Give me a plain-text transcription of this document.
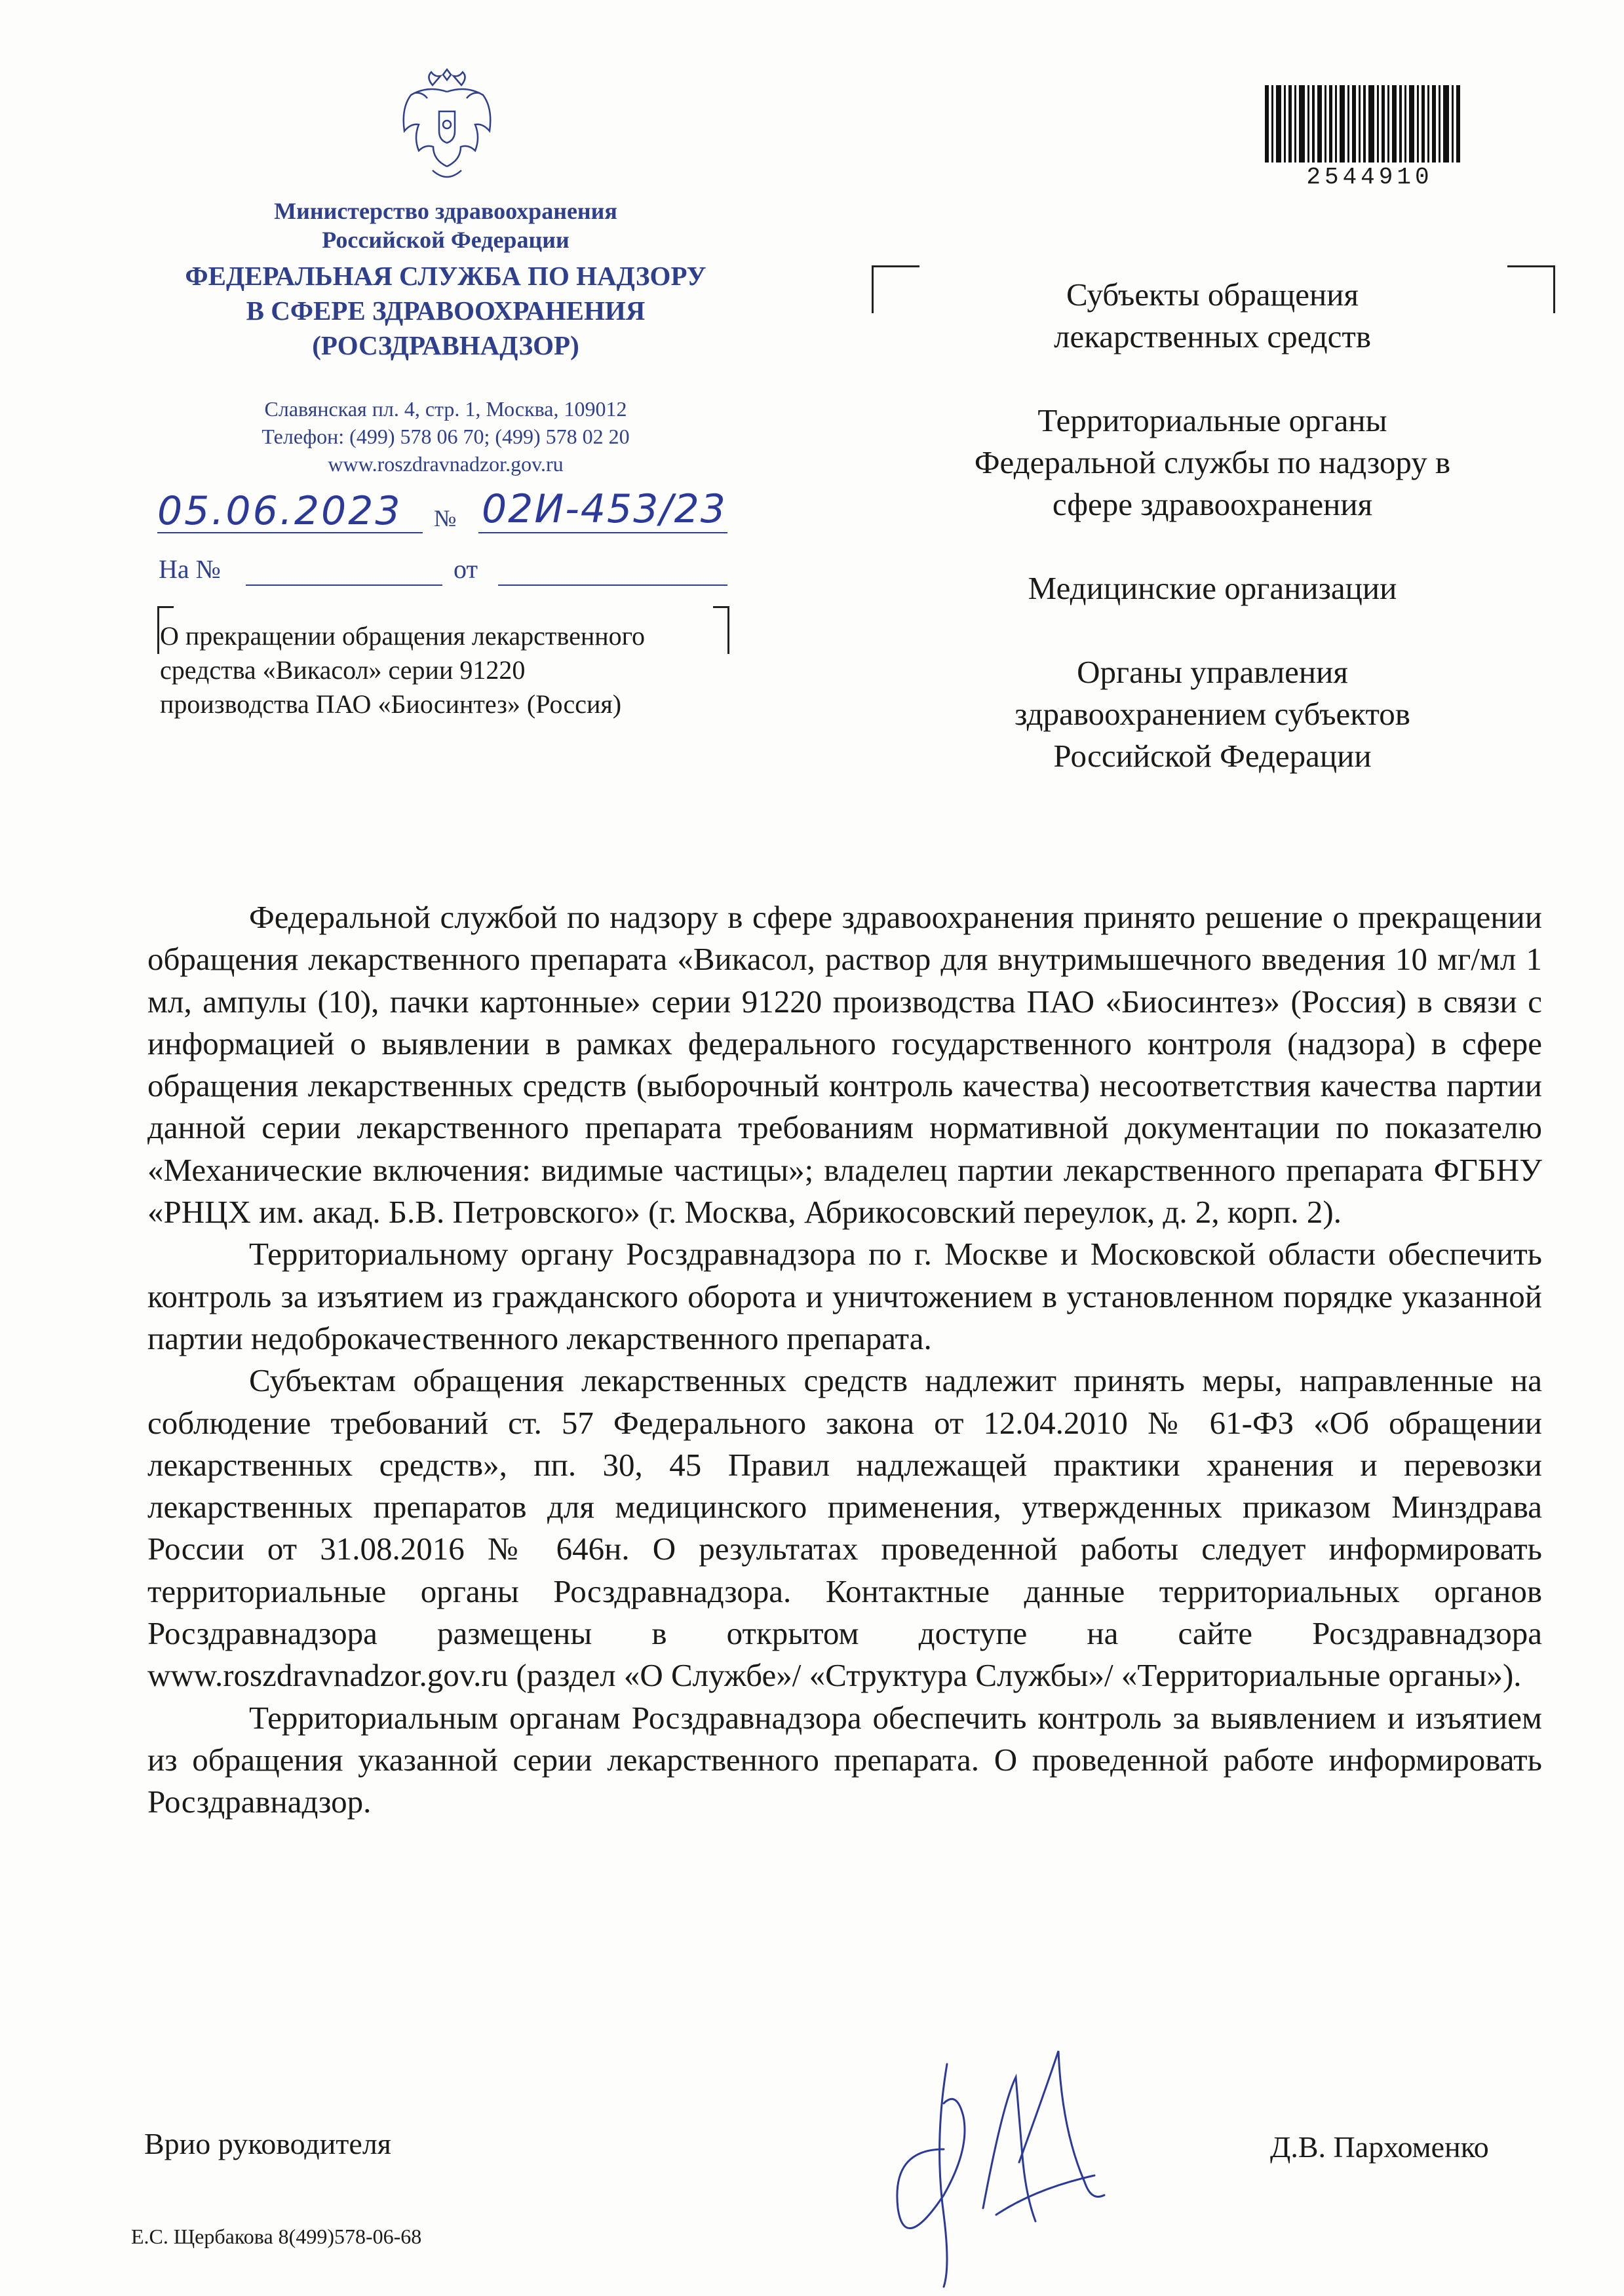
Министерство здравоохранения
Российской Федерации
ФЕДЕРАЛЬНАЯ СЛУЖБА ПО НАДЗОРУ
В СФЕРЕ ЗДРАВООХРАНЕНИЯ
(РОСЗДРАВНАДЗОР)
Славянская пл. 4, стр. 1, Москва, 109012
Телефон: (499) 578 06 70; (499) 578 02 20
www.roszdravnadzor.gov.ru
05.06.2023 № 02И-453/23
На №	от
О прекращении обращения лекарственного
средства «Викасол» серии 91220
производства ПАО «Биосинтез» (Россия)
2544910
Субъекты обращения лекарственных средств
Территориальные органы Федеральной службы по надзору в сфере здравоохранения
Медицинские организации
Органы управления здравоохранением субъектов Российской Федерации

Федеральной службой по надзору в сфере здравоохранения принято решение о прекращении обращения лекарственного препарата «Викасол, раствор для внутримышечного введения 10 мг/мл 1 мл, ампулы (10), пачки картонные» серии 91220 производства ПАО «Биосинтез» (Россия) в связи с информацией о выявлении в рамках федерального государственного контроля (надзора) в сфере обращения лекарственных средств (выборочный контроль качества) несоответствия качества партии данной серии лекарственного препарата требованиям нормативной документации по показателю «Механические включения: видимые частицы»; владелец партии лекарственного препарата ФГБНУ «РНЦХ им. акад. Б.В. Петровского» (г. Москва, Абрикосовский переулок, д. 2, корп. 2).

Территориальному органу Росздравнадзора по г. Москве и Московской области обеспечить контроль за изъятием из гражданского оборота и уничтожением в установленном порядке указанной партии недоброкачественного лекарственного препарата.

Субъектам обращения лекарственных средств надлежит принять меры, направленные на соблюдение требований ст. 57 Федерального закона от 12.04.2010 № 61-ФЗ «Об обращении лекарственных средств», пп. 30, 45 Правил надлежащей практики хранения и перевозки лекарственных препаратов для медицинского применения, утвержденных приказом Минздрава России от 31.08.2016 № 646н. О результатах проведенной работы следует информировать территориальные органы Росздравнадзора. Контактные данные территориальных органов Росздравнадзора размещены в открытом доступе на сайте Росздравнадзора www.roszdravnadzor.gov.ru (раздел «О Службе»/ «Структура Службы»/ «Территориальные органы»).

Территориальным органам Росздравнадзора обеспечить контроль за выявлением и изъятием из обращения указанной серии лекарственного препарата. О проведенной работе информировать Росздравнадзор.

Врио руководителя	Д.В. Пархоменко
Е.С. Щербакова 8(499)578-06-68
